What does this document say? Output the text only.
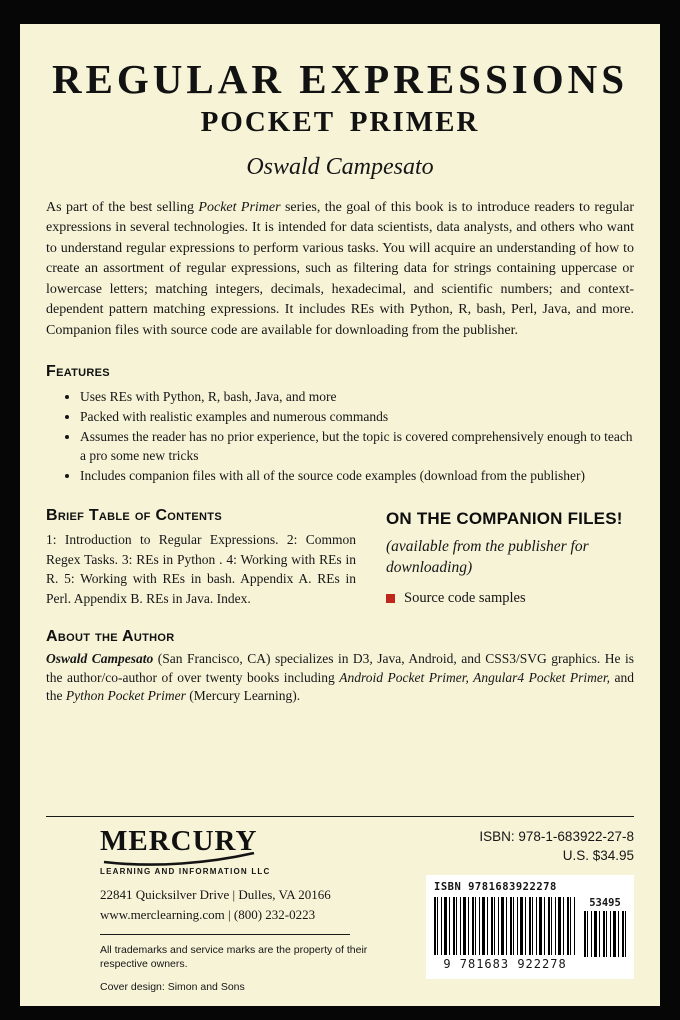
REGULAR EXPRESSIONS
POCKET PRIMER
Oswald Campesato

As part of the best selling Pocket Primer series, the goal of this book is to introduce readers to regular expressions in several technologies. It is intended for data scientists, data analysts, and others who want to understand regular expressions to perform various tasks. You will acquire an understanding of how to create an assortment of regular expressions, such as filtering data for strings containing uppercase or lowercase letters; matching integers, decimals, hexadecimal, and scientific numbers; and context-dependent pattern matching expressions. It includes REs with Python, R, bash, Perl, Java, and more. Companion files with source code are available for downloading from the publisher.

Features
• Uses REs with Python, R, bash, Java, and more
• Packed with realistic examples and numerous commands
• Assumes the reader has no prior experience, but the topic is covered comprehensively enough to teach a pro some new tricks
• Includes companion files with all of the source code examples (download from the publisher)
Brief Table of Contents

1: Introduction to Regular Expressions. 2: Common Regex Tasks. 3: REs in Python . 4: Working with REs in R. 5: Working with REs in bash. Appendix A. REs in Perl. Appendix B. REs in Java. Index.

ON THE COMPANION FILES!

(available from the publisher for downloading)

Source code samples
About the Author

Oswald Campesato (San Francisco, CA) specializes in D3, Java, Android, and CSS3/SVG graphics. He is the author/co-author of over twenty books including Android Pocket Primer, Angular4 Pocket Primer, and the Python Pocket Primer (Mercury Learning).

MERCURY
LEARNING AND INFORMATION LLC

22841 Quicksilver Drive | Dulles, VA 20166

www.merclearning.com | (800) 232-0223

All trademarks and service marks are the property of their respective owners.

Cover design: Simon and Sons

ISBN: 978-1-683922-27-8

U.S. $34.95

ISBN 9781683922278
9 781683 922278
53495
